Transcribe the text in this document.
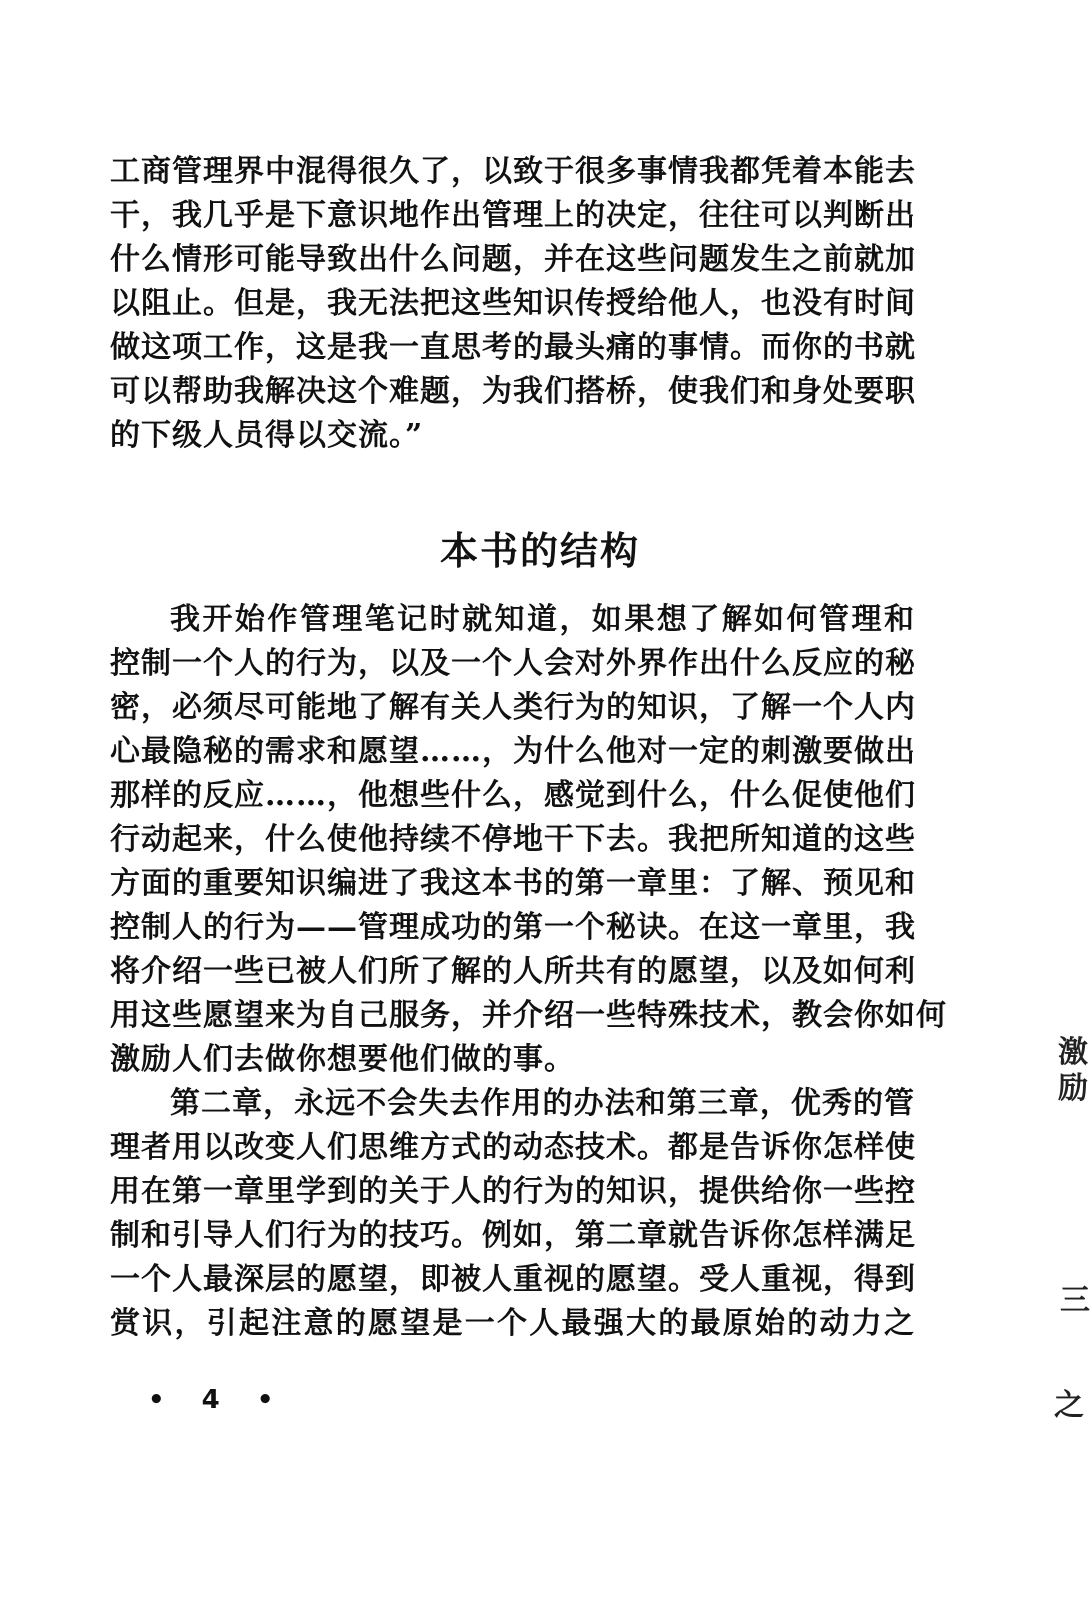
工商管理界中混得很久了，以致于很多事情我都凭着本能去
干，我几乎是下意识地作出管理上的决定，往往可以判断出
什么情形可能导致出什么问题，并在这些问题发生之前就加
以阻止。但是，我无法把这些知识传授给他人，也没有时间
做这项工作，这是我一直思考的最头痛的事情。而你的书就
可以帮助我解决这个难题，为我们搭桥，使我们和身处要职
的下级人员得以交流。”
本书的结构
我开始作管理笔记时就知道，如果想了解如何管理和
控制一个人的行为，以及一个人会对外界作出什么反应的秘
密，必须尽可能地了解有关人类行为的知识，了解一个人内
心最隐秘的需求和愿望……，为什么他对一定的刺激要做出
那样的反应……，他想些什么，感觉到什么，什么促使他们
行动起来，什么使他持续不停地干下去。我把所知道的这些
方面的重要知识编进了我这本书的第一章里：了解、预见和
控制人的行为——管理成功的第一个秘诀。在这一章里，我
将介绍一些已被人们所了解的人所共有的愿望，以及如何利
用这些愿望来为自己服务，并介绍一些特殊技术，教会你如何
激励人们去做你想要他们做的事。
第二章，永远不会失去作用的办法和第三章，优秀的管
理者用以改变人们思维方式的动态技术。都是告诉你怎样使
用在第一章里学到的关于人的行为的知识，提供给你一些控
制和引导人们行为的技巧。例如，第二章就告诉你怎样满足
一个人最深层的愿望，即被人重视的愿望。受人重视，得到
赏识，引起注意的愿望是一个人最强大的最原始的动力之
• 4 •
激
励
三
之
